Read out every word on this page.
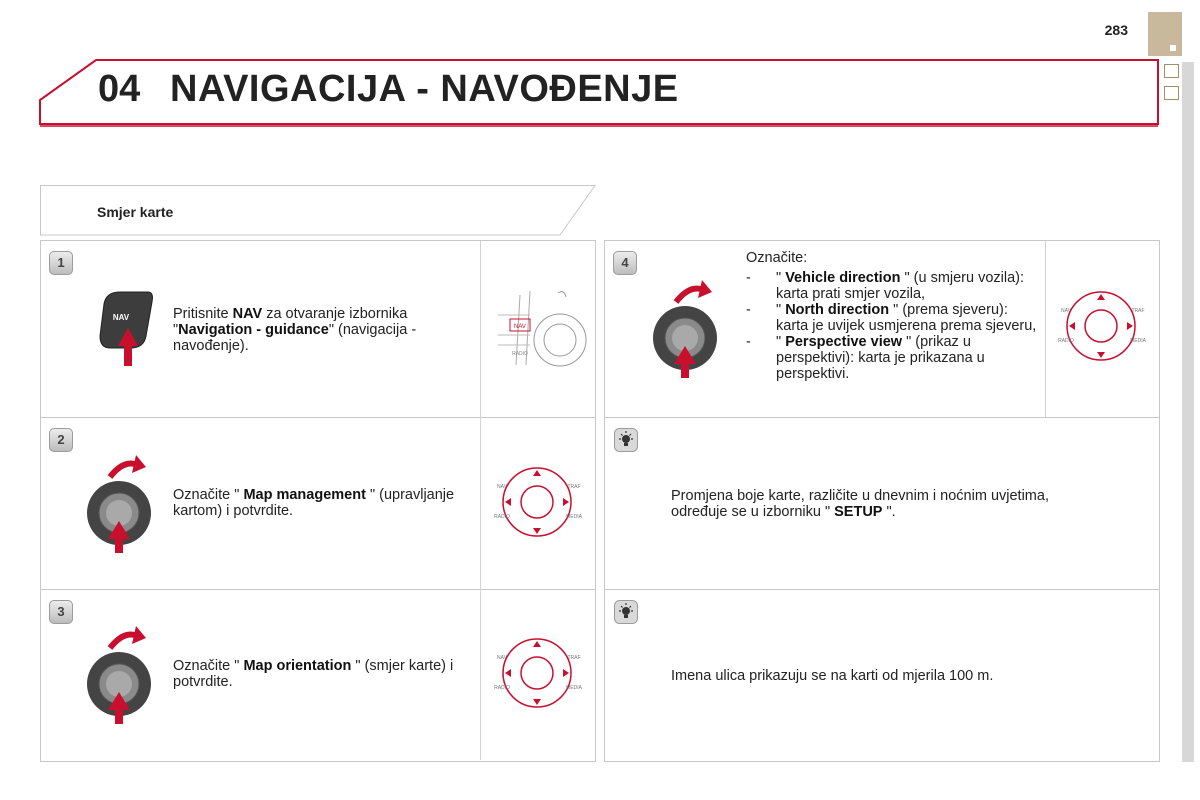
283
04 NAVIGACIJA - NAVOĐENJE
Smjer karte
1
NAV	Pritisnite NAV za otvaranje izbornika "Navigation - guidance" (navigacija - navođenje).
NAV
RADIO
2
Označite " Map management " (upravljanje kartom) i potvrdite.
NAV	TRAF
RADIO	MEDIA
3
Označite " Map orientation " (smjer karte) i potvrdite.
NAV	TRAF
RADIO	MEDIA
4	Označite:
- " Vehicle direction " (u smjeru vozila): karta prati smjer vozila,
- " North direction " (prema sjeveru): karta je uvijek usmjerena prema sjeveru,
- " Perspective view " (prikaz u perspektivi): karta je prikazana u perspektivi.
NAV	TRAF
RADIO	MEDIA
Promjena boje karte, različite u dnevnim i noćnim uvjetima, određuje se u izborniku " SETUP ".
Imena ulica prikazuju se na karti od mjerila 100 m.
